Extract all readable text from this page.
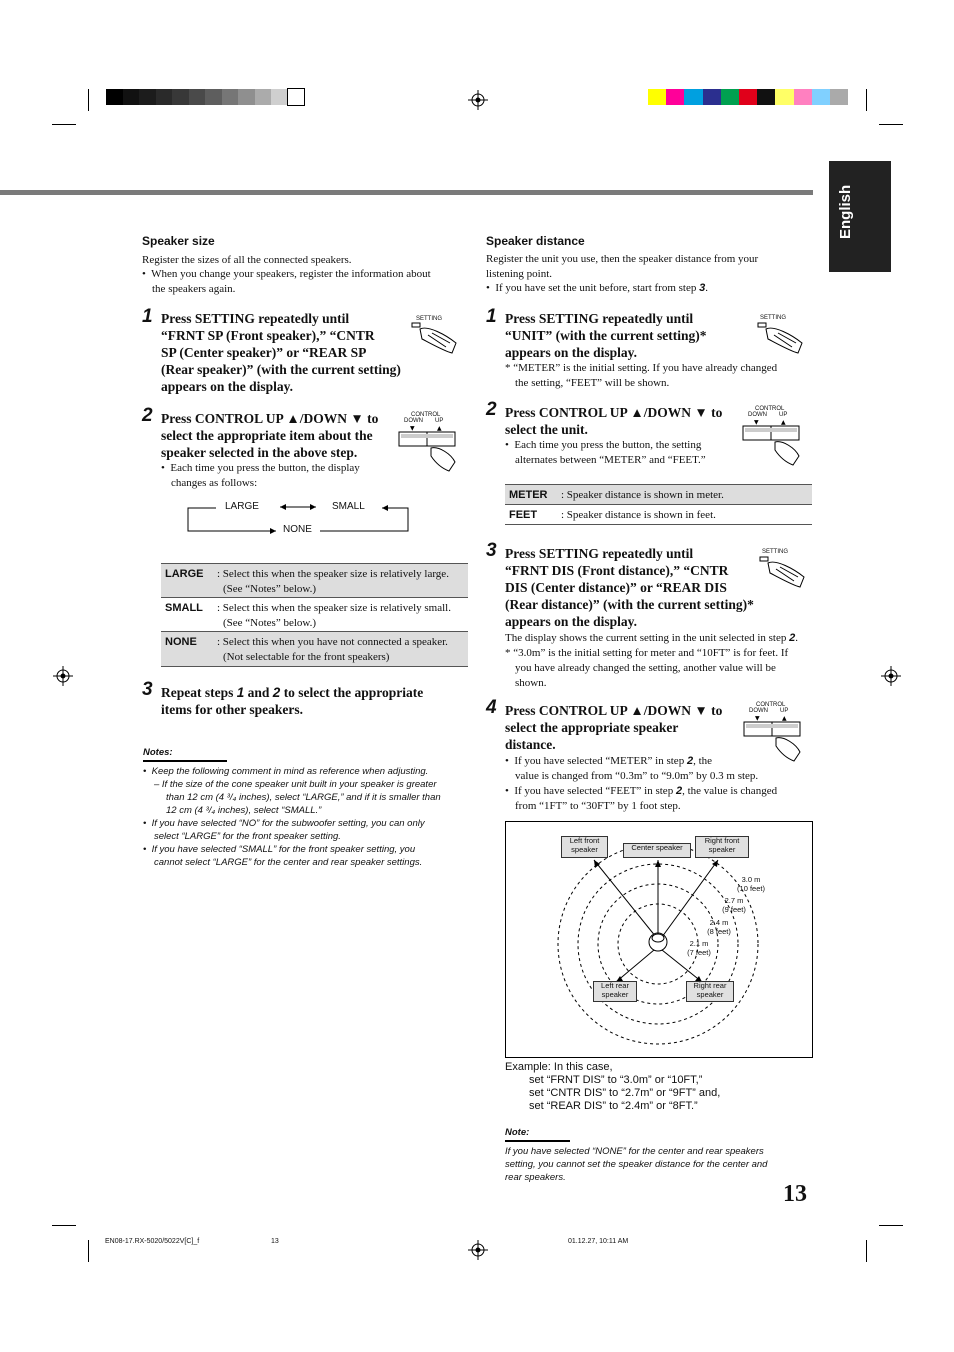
English
Speaker size
Register the sizes of all the connected speakers.
•  When you change your speakers, register the information about
the speakers again.
1 Press SETTING repeatedly until
“FRNT SP (Front speaker),” “CNTR
SP (Center speaker)” or “REAR SP
(Rear speaker)” (with the current setting)
appears on the display.
SETTING
2 Press CONTROL UP ▲/DOWN ▼ to
select the appropriate item about the
speaker selected in the above step.
•  Each time you press the button, the display
changes as follows:
CONTROL
DOWN UP
▼	▲
LARGE	SMALL
NONE
LARGE : Select this when the speaker size is relatively large.
(See “Notes” below.)
SMALL : Select this when the speaker size is relatively small.
(See “Notes” below.)
NONE : Select this when you have not connected a speaker.
(Not selectable for the front speakers)
3 Repeat steps 1 and 2 to select the appropriate
items for other speakers.
Notes:
•  Keep the following comment in mind as reference when adjusting.
– If the size of the cone speaker unit built in your speaker is greater
than 12 cm (4 ³/₄ inches), select “LARGE,” and if it is smaller than
12 cm (4 ³/₄ inches), select “SMALL.”
•  If you have selected “NO” for the subwoofer setting, you can only
select “LARGE” for the front speaker setting.
•  If you have selected “SMALL” for the front speaker setting, you
cannot select “LARGE” for the center and rear speaker settings.
Speaker distance
Register the unit you use, then the speaker distance from your
listening point.
•  If you have set the unit before, start from step 3.
1 Press SETTING repeatedly until
“UNIT” (with the current setting)*
appears on the display.
* “METER” is the initial setting. If you have already changed
the setting, “FEET” will be shown.
SETTING
2 Press CONTROL UP ▲/DOWN ▼ to
select the unit.
•  Each time you press the button, the setting
alternates between “METER” and “FEET.”
CONTROL
DOWN UP
▼	▲
METER : Speaker distance is shown in meter.
FEET : Speaker distance is shown in feet.
3 Press SETTING repeatedly until
“FRNT DIS (Front distance),” “CNTR
DIS (Center distance)” or “REAR DIS
(Rear distance)” (with the current setting)*
appears on the display.
The display shows the current setting in the unit selected in step 2.
* “3.0m” is the initial setting for meter and “10FT” is for feet. If
you have already changed the setting, another value will be
shown.
SETTING
4 Press CONTROL UP ▲/DOWN ▼ to
select the appropriate speaker
distance.
•  If you have selected “METER” in step 2, the
value is changed from “0.3m” to “9.0m” by 0.3 m step.
•  If you have selected “FEET” in step 2, the value is changed
from “1FT” to “30FT” by 1 foot step.
CONTROL
DOWN UP
▼	▲
Left front
speaker	Center speaker
Right front
speaker
Left rear
speaker
Right rear
speaker
3.0 m
(10 feet)
2.7 m
(9 feet)
2.4 m
(8 feet)
2.1 m
(7 feet)
Example: In this case,
set “FRNT DIS” to “3.0m” or “10FT,”
set “CNTR DIS” to “2.7m” or “9FT” and,
set “REAR DIS” to “2.4m” or “8FT.”
Note:
If you have selected “NONE” for the center and rear speakers
setting, you cannot set the speaker distance for the center and
rear speakers.
13
EN08-17.RX-5020/5022V[C]_f	13	01.12.27, 10:11 AM
